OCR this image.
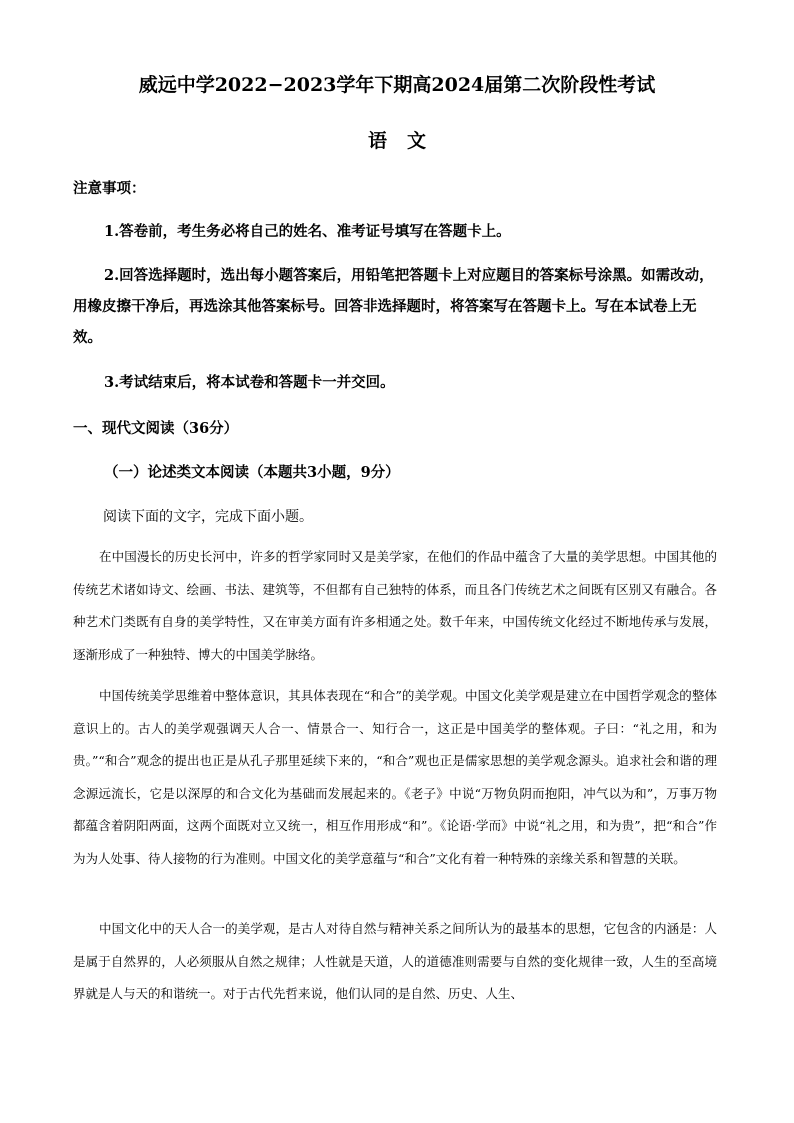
威远中学2022−2023学年下期高2024届第二次阶段性考试
语文
注意事项：

1.答卷前，考生务必将自己的姓名、准考证号填写在答题卡上。

2.回答选择题时，选出每小题答案后，用铅笔把答题卡上对应题目的答案标号涂黑。如需改动，用橡皮擦干净后，再选涂其他答案标号。回答非选择题时，将答案写在答题卡上。写在本试卷上无效。

3.考试结束后，将本试卷和答题卡一并交回。

一、现代文阅读（36分）
（一）论述类文本阅读（本题共3小题，9分）
阅读下面的文字，完成下面小题。

在中国漫长的历史长河中，许多的哲学家同时又是美学家，在他们的作品中蕴含了大量的美学思想。中国其他的传统艺术诸如诗文、绘画、书法、建筑等，不但都有自己独特的体系，而且各门传统艺术之间既有区别又有融合。各种艺术门类既有自身的美学特性，又在审美方面有许多相通之处。数千年来，中国传统文化经过不断地传承与发展，逐渐形成了一种独特、博大的中国美学脉络。

中国传统美学思维着中整体意识，其具体表现在“和合”的美学观。中国文化美学观是建立在中国哲学观念的整体意识上的。古人的美学观强调天人合一、情景合一、知行合一，这正是中国美学的整体观。子曰：“礼之用，和为贵。”“和合”观念的提出也正是从孔子那里延续下来的，“和合”观也正是儒家思想的美学观念源头。追求社会和谐的理念源远流长，它是以深厚的和合文化为基础而发展起来的。《老子》中说“万物负阴而抱阳，冲气以为和”，万事万物都蕴含着阴阳两面，这两个面既对立又统一，相互作用形成“和”。《论语·学而》中说“礼之用，和为贵”，把“和合”作为为人处事、待人接物的行为准则。中国文化的美学意蕴与“和合”文化有着一种特殊的亲缘关系和智慧的关联。

中国文化中的天人合一的美学观，是古人对待自然与精神关系之间所认为的最基本的思想，它包含的内涵是：人是属于自然界的，人必须服从自然之规律；人性就是天道，人的道德准则需要与自然的变化规律一致，人生的至高境界就是人与天的和谐统一。对于古代先哲来说，他们认同的是自然、历史、人生、
